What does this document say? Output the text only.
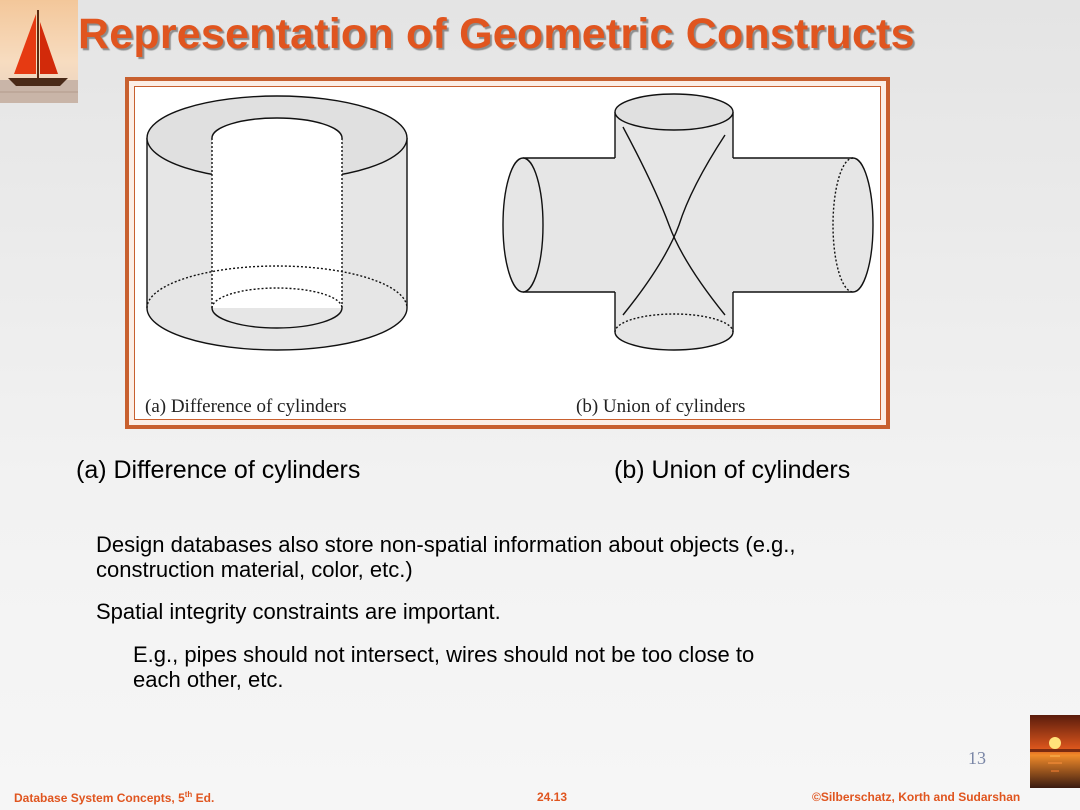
Representation of Geometric Constructs
(a) Difference of cylinders	(b) Union of cylinders
(a) Difference of cylinders	(b) Union of cylinders
Design databases also store non-spatial information about objects (e.g.,
construction material, color, etc.)
Spatial integrity constraints are important.
E.g., pipes should not intersect, wires should not be too close to
each other, etc.
13
Database System Concepts, 5th Ed.	24.13	©Silberschatz, Korth and Sudarshan
